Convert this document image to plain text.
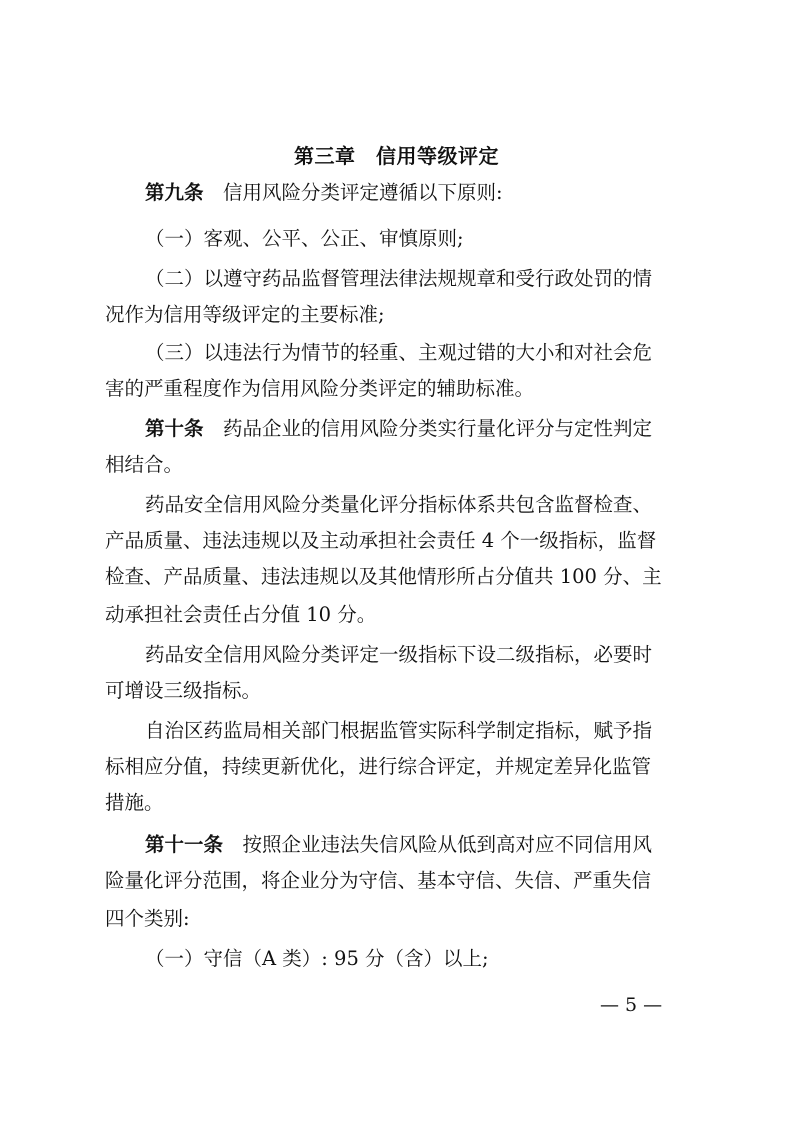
第三章　信用等级评定
第九条　 信用风险分类评定遵循以下原则:
（一）客观、公平、公正、审慎原则;
（二）以遵守药品监督管理法律法规规章和受行政处罚的情
况作为信用等级评定的主要标准;
（三）以违法行为情节的轻重、主观过错的大小和对社会危
害的严重程度作为信用风险分类评定的辅助标准。
第十条　 药品企业的信用风险分类实行量化评分与定性判定
相结合。
药品安全信用风险分类量化评分指标体系共包含监督检查、
产品质量、违法违规以及主动承担社会责任 4 个一级指标，监督
检查、产品质量、违法违规以及其他情形所占分值共 100 分、主
动承担社会责任占分值 10 分。
药品安全信用风险分类评定一级指标下设二级指标，必要时
可增设三级指标。
自治区药监局相关部门根据监管实际科学制定指标，赋予指
标相应分值，持续更新优化，进行综合评定，并规定差异化监管
措施。
第十一条　 按照企业违法失信风险从低到高对应不同信用风
险量化评分范围，将企业分为守信、基本守信、失信、严重失信
四个类别:
（一）守信（A 类）: 95 分（含）以上;
— 5 —
